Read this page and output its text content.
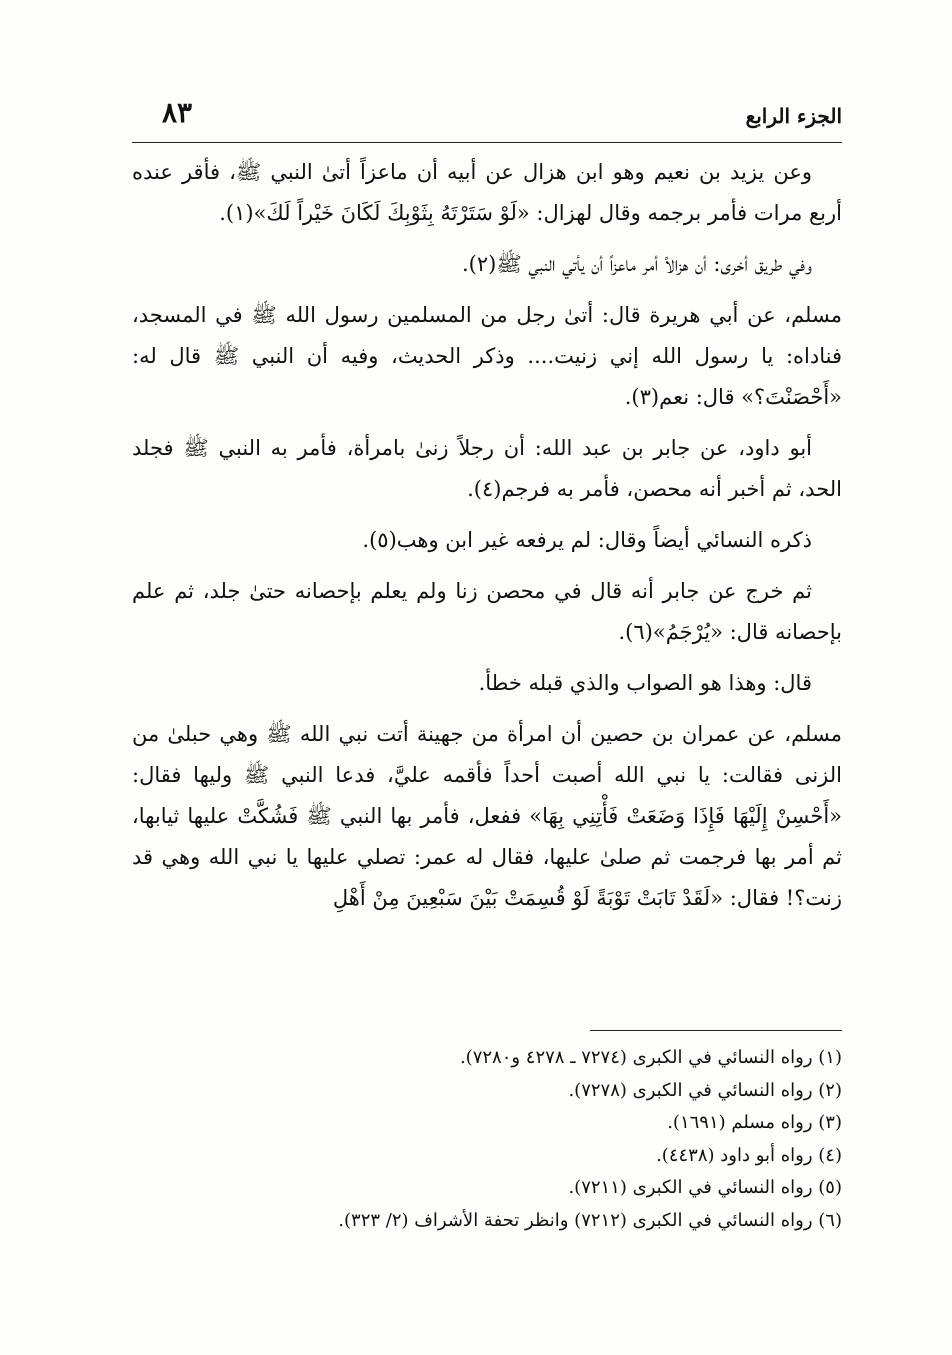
الجزء الرابع
٨٣

وعن يزيد بن نعيم وهو ابن هزال عن أبيه أن ماعزاً أتىٰ النبي ﷺ، فأقر عنده أربع مرات فأمر برجمه وقال لهزال: «لَوْ سَتَرْتَهُ بِثَوْبِكَ لَكَانَ خَيْراً لَكَ»(١).

وفي طريق أخرى: أن هزالاً أمر ماعزاً أن يأتي النبي ﷺ(٢).

مسلم، عن أبي هريرة قال: أتىٰ رجل من المسلمين رسول الله ﷺ في المسجد، فناداه: يا رسول الله إني زنيت.... وذكر الحديث، وفيه أن النبي ﷺ قال له: «أَحْصَنْتَ؟» قال: نعم(٣).

أبو داود، عن جابر بن عبد الله: أن رجلاً زنىٰ بامرأة، فأمر به النبي ﷺ فجلد الحد، ثم أخبر أنه محصن، فأمر به فرجم(٤).

ذكره النسائي أيضاً وقال: لم يرفعه غير ابن وهب(٥).

ثم خرج عن جابر أنه قال في محصن زنا ولم يعلم بإحصانه حتىٰ جلد، ثم علم بإحصانه قال: «يُرْجَمُ»(٦).

قال: وهذا هو الصواب والذي قبله خطأ.

مسلم، عن عمران بن حصين أن امرأة من جهينة أتت نبي الله ﷺ وهي حبلىٰ من الزنى فقالت: يا نبي الله أصبت أحداً فأقمه عليَّ، فدعا النبي ﷺ وليها فقال: «أَحْسِنْ إِلَيْهَا فَإِذَا وَضَعَتْ فَأْتِنِي بِهَا» ففعل، فأمر بها النبي ﷺ فَشُكَّتْ عليها ثيابها، ثم أمر بها فرجمت ثم صلىٰ عليها، فقال له عمر: تصلي عليها يا نبي الله وهي قد زنت؟! فقال: «لَقَدْ تَابَتْ تَوْبَةً لَوْ قُسِمَتْ بَيْنَ سَبْعِينَ مِنْ أَهْلِ

(١) رواه النسائي في الكبرى (٧٢٧٤ ـ ٤٢٧٨ و٧٢٨٠).
(٢) رواه النسائي في الكبرى (٧٢٧٨).
(٣) رواه مسلم (١٦٩١).
(٤) رواه أبو داود (٤٤٣٨).
(٥) رواه النسائي في الكبرى (٧٢١١).
(٦) رواه النسائي في الكبرى (٧٢١٢) وانظر تحفة الأشراف (٢/ ٣٢٣).
